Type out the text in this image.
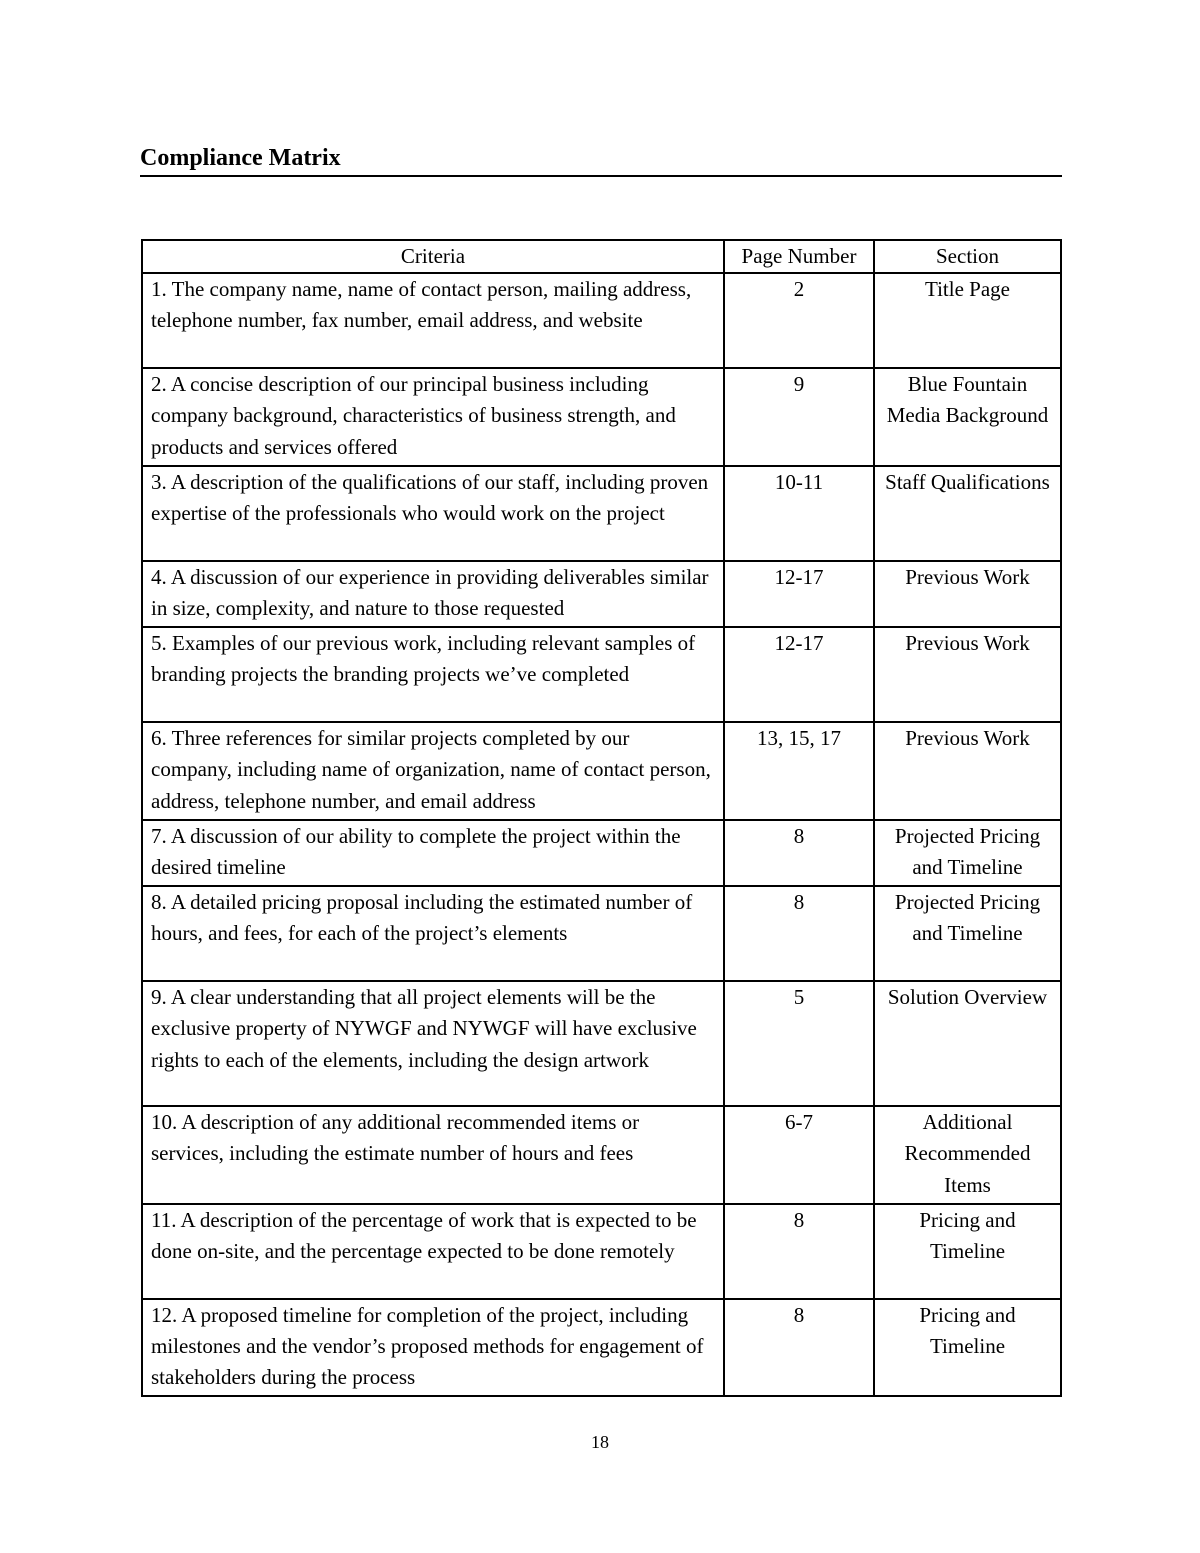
Compliance Matrix
Criteria	Page Number	Section
1. The company name, name of contact person, mailing address, telephone number, fax number, email address, and website	2	Title Page
2. A concise description of our principal business including company background, characteristics of business strength, and products and services offered	9	Blue Fountain Media Background
3. A description of the qualifications of our staff, including proven expertise of the professionals who would work on the project	10-11	Staff Qualifications
4. A discussion of our experience in providing deliverables similar in size, complexity, and nature to those requested	12-17	Previous Work
5. Examples of our previous work, including relevant samples of branding projects the branding projects we’ve completed	12-17	Previous Work
6. Three references for similar projects completed by our company, including name of organization, name of contact person, address, telephone number, and email address	13, 15, 17	Previous Work
7. A discussion of our ability to complete the project within the desired timeline	8	Projected Pricing and Timeline
8. A detailed pricing proposal including the estimated number of hours, and fees, for each of the project’s elements	8	Projected Pricing and Timeline
9. A clear understanding that all project elements will be the exclusive property of NYWGF and NYWGF will have exclusive rights to each of the elements, including the design artwork	5	Solution Overview
10. A description of any additional recommended items or services, including the estimate number of hours and fees	6-7	Additional Recommended Items
11. A description of the percentage of work that is expected to be done on-site, and the percentage expected to be done remotely	8	Pricing and Timeline
12. A proposed timeline for completion of the project, including milestones and the vendor’s proposed methods for engagement of stakeholders during the process	8	Pricing and Timeline
18
